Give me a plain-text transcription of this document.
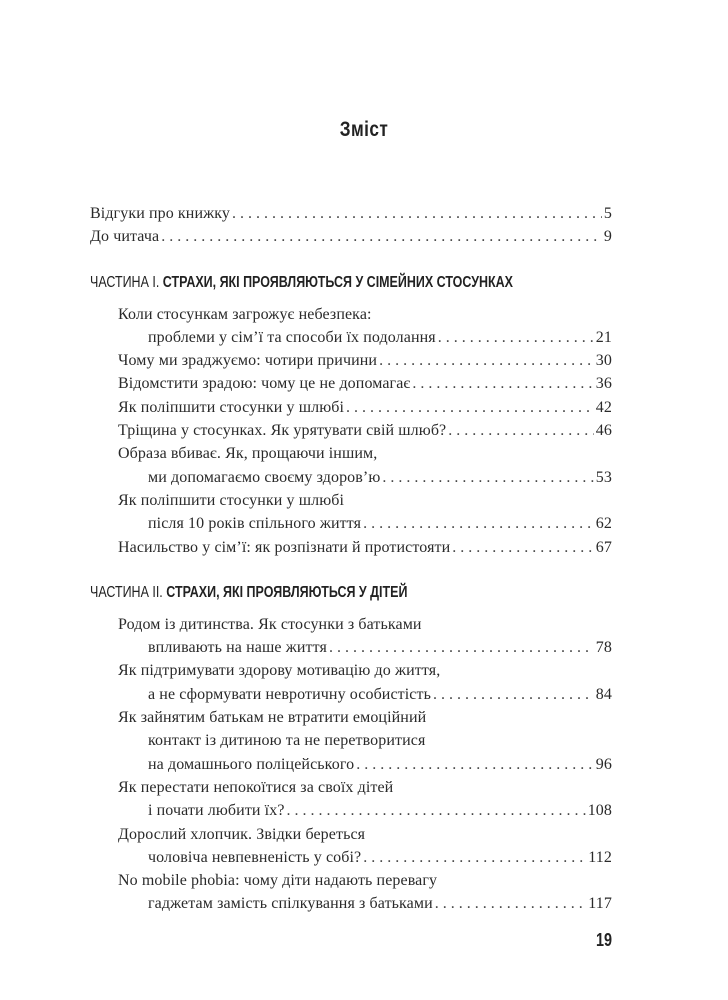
Зміст
Відгуки про книжку . . .	5
До читача . . .	9
ЧАСТИНА I. СТРАХИ, ЯКІ ПРОЯВЛЯЮТЬСЯ У СІМЕЙНИХ СТОСУНКАХ
Коли стосункам загрожує небезпека:
проблеми у сім’ї та способи їх подолання . . .	21
Чому ми зраджуємо: чотири причини . . .	30
Відомстити зрадою: чому це не допомагає . . .	36
Як поліпшити стосунки у шлюбі . . .	42
Тріщина у стосунках. Як урятувати свій шлюб? . . .	46
Образа вбиває. Як, прощаючи іншим,
ми допомагаємо своєму здоров’ю . . .	53
Як поліпшити стосунки у шлюбі
після 10 років спільного життя . . .	62
Насильство у сім’ї: як розпізнати й протистояти . . .	67
ЧАСТИНА II. СТРАХИ, ЯКІ ПРОЯВЛЯЮТЬСЯ У ДІТЕЙ
Родом із дитинства. Як стосунки з батьками
впливають на наше життя . . .	78
Як підтримувати здорову мотивацію до життя,
а не сформувати невротичну особистість . . .	84
Як зайнятим батькам не втратити емоційний
контакт із дитиною та не перетворитися
на домашнього поліцейського . . .	96
Як перестати непокоїтися за своїх дітей
і почати любити їх? . . .	108
Дорослий хлопчик. Звідки береться
чоловіча невпевненість у собі? . . .	112
No mobile phobia: чому діти надають перевагу
гаджетам замість спілкування з батьками . . .	117
19
